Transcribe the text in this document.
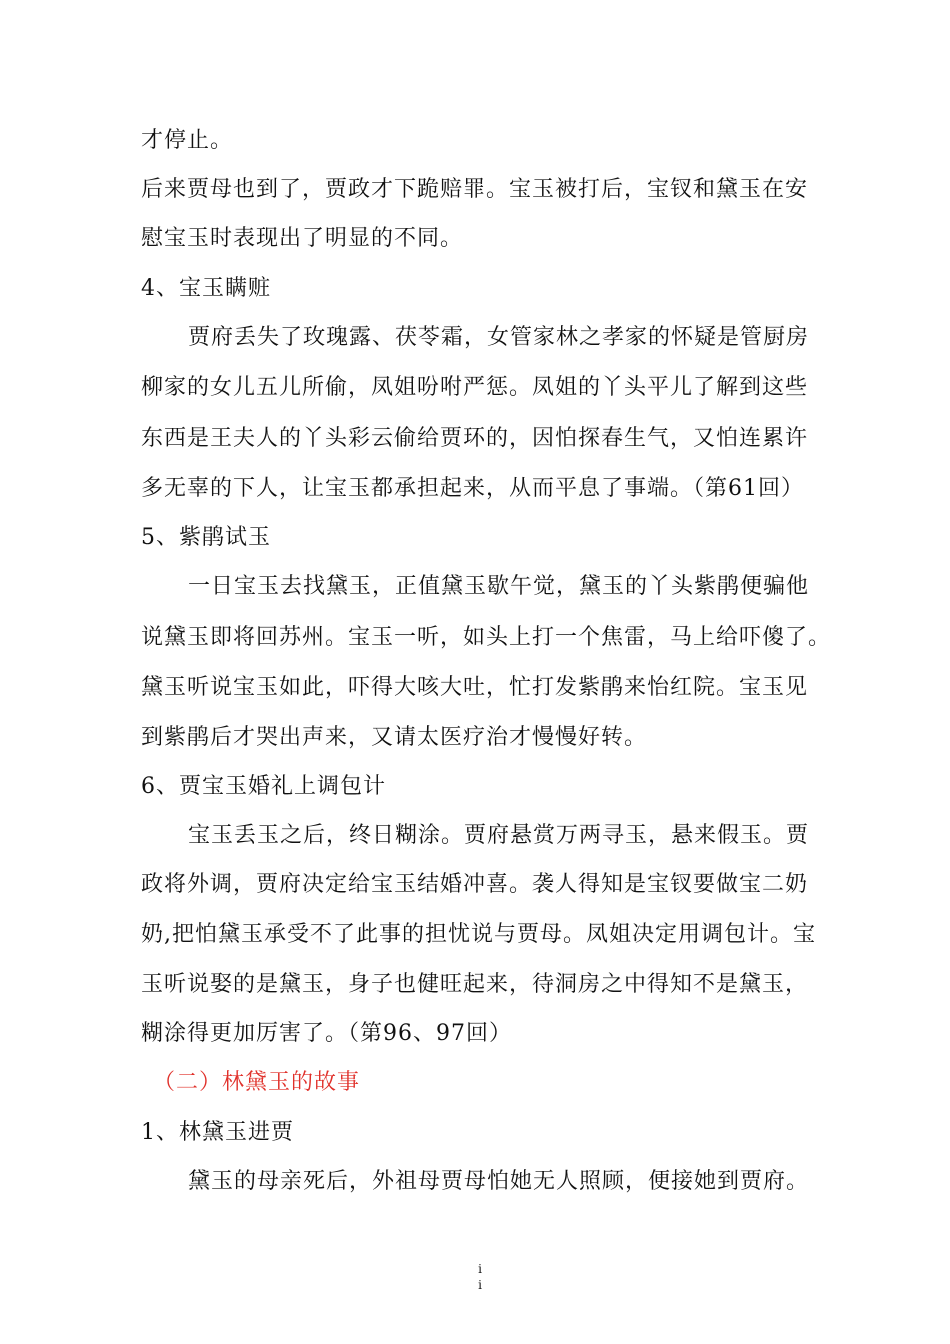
才停止。
后来贾母也到了，贾政才下跪赔罪。宝玉被打后，宝钗和黛玉在安
慰宝玉时表现出了明显的不同。
4、宝玉瞒赃
贾府丢失了玫瑰露、茯苓霜，女管家林之孝家的怀疑是管厨房
柳家的女儿五儿所偷，凤姐吩咐严惩。凤姐的丫头平儿了解到这些
东西是王夫人的丫头彩云偷给贾环的，因怕探春生气，又怕连累许
多无辜的下人，让宝玉都承担起来，从而平息了事端。（第61回）
5、紫鹃试玉
一日宝玉去找黛玉，正值黛玉歇午觉，黛玉的丫头紫鹃便骗他
说黛玉即将回苏州。宝玉一听，如头上打一个焦雷，马上给吓傻了。
黛玉听说宝玉如此，吓得大咳大吐，忙打发紫鹃来怡红院。宝玉见
到紫鹃后才哭出声来，又请太医疗治才慢慢好转。
6、贾宝玉婚礼上调包计
宝玉丢玉之后，终日糊涂。贾府悬赏万两寻玉，悬来假玉。贾
政将外调，贾府决定给宝玉结婚冲喜。袭人得知是宝钗要做宝二奶
奶,把怕黛玉承受不了此事的担忧说与贾母。凤姐决定用调包计。宝
玉听说娶的是黛玉，身子也健旺起来，待洞房之中得知不是黛玉，
糊涂得更加厉害了。（第96、97回）
（二）林黛玉的故事
1、林黛玉进贾
黛玉的母亲死后，外祖母贾母怕她无人照顾，便接她到贾府。
i
i
